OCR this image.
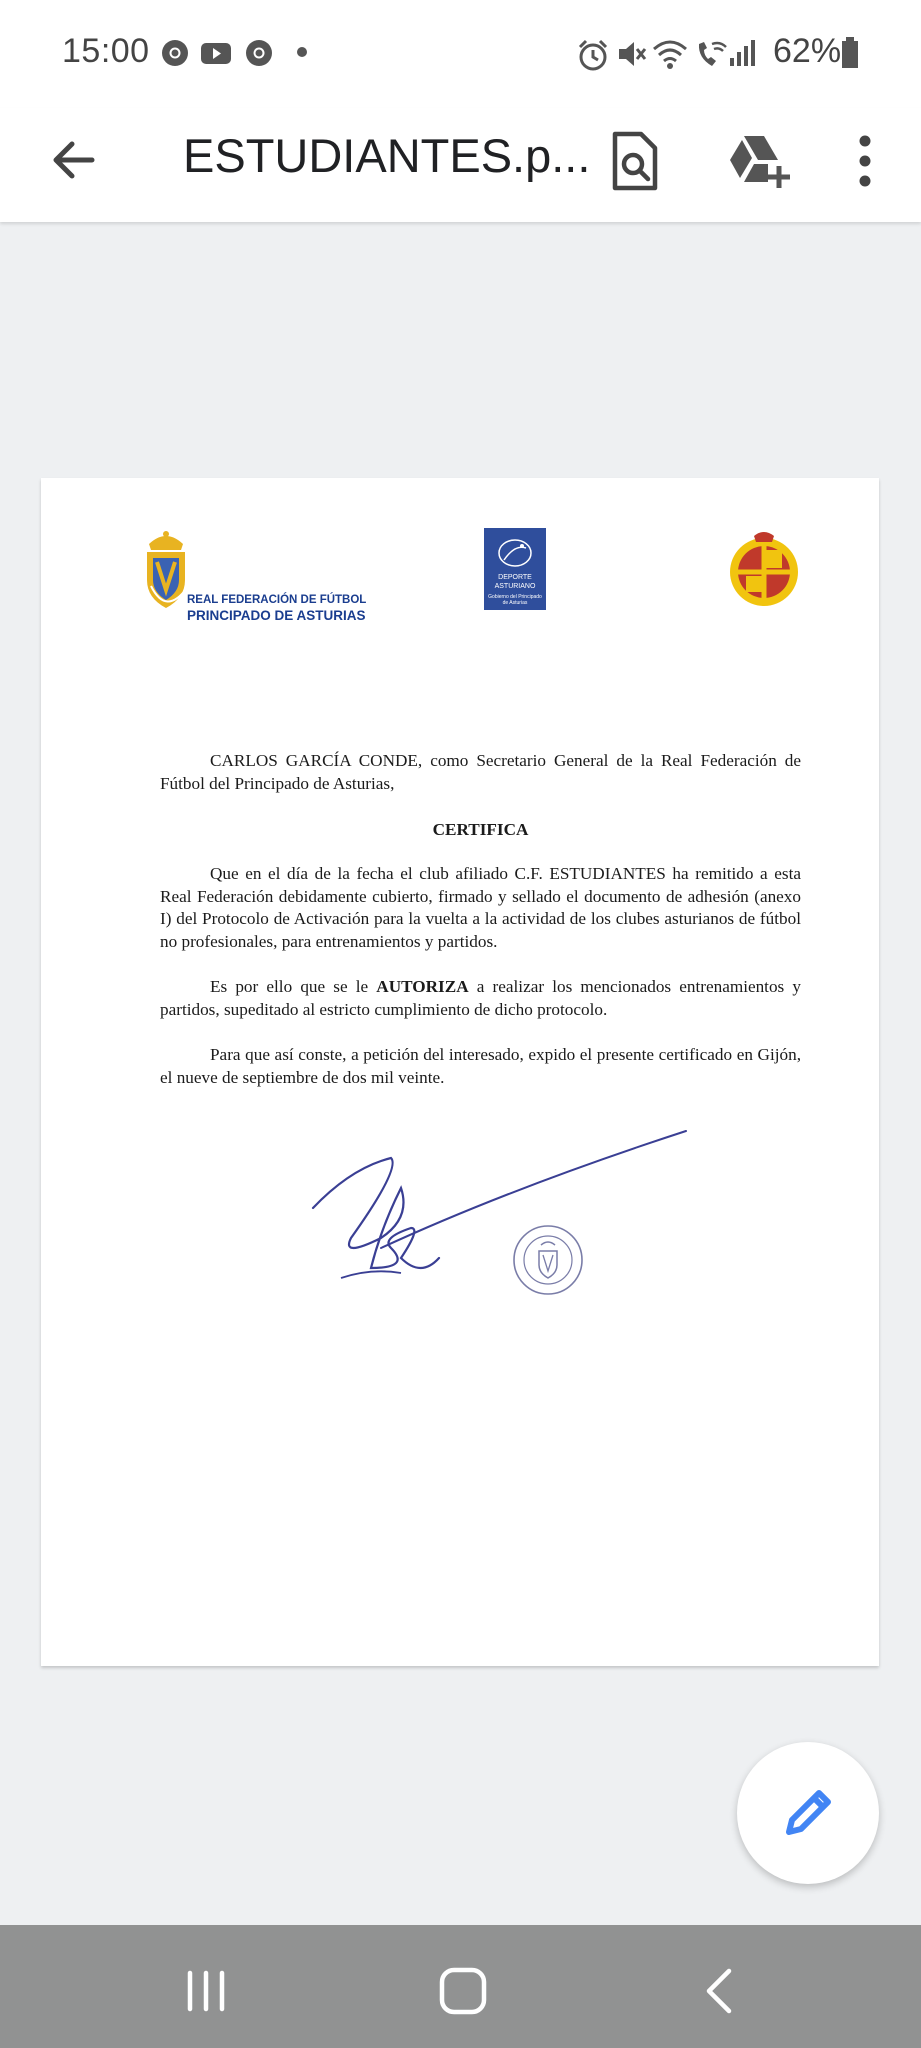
15:00	62%
ESTUDIANTES.p...
REAL FEDERACIÓN DE FÚTBOL
PRINCIPADO DE ASTURIAS
DEPORTE
ASTURIANO
Gobierno del Principado de Asturias

CARLOS GARCÍA CONDE, como Secretario General de la Real Federación de Fútbol del Principado de Asturias,

CERTIFICA

Que en el día de la fecha el club afiliado C.F. ESTUDIANTES ha remitido a esta Real Federación debidamente cubierto, firmado y sellado el documento de adhesión (anexo I) del Protocolo de Activación para la vuelta a la actividad de los clubes asturianos de fútbol no profesionales, para entrenamientos y partidos.

Es por ello que se le AUTORIZA a realizar los mencionados entrenamientos y partidos, supeditado al estricto cumplimiento de dicho protocolo.

Para que así conste, a petición del interesado, expido el presente certificado en Gijón, el nueve de septiembre de dos mil veinte.
